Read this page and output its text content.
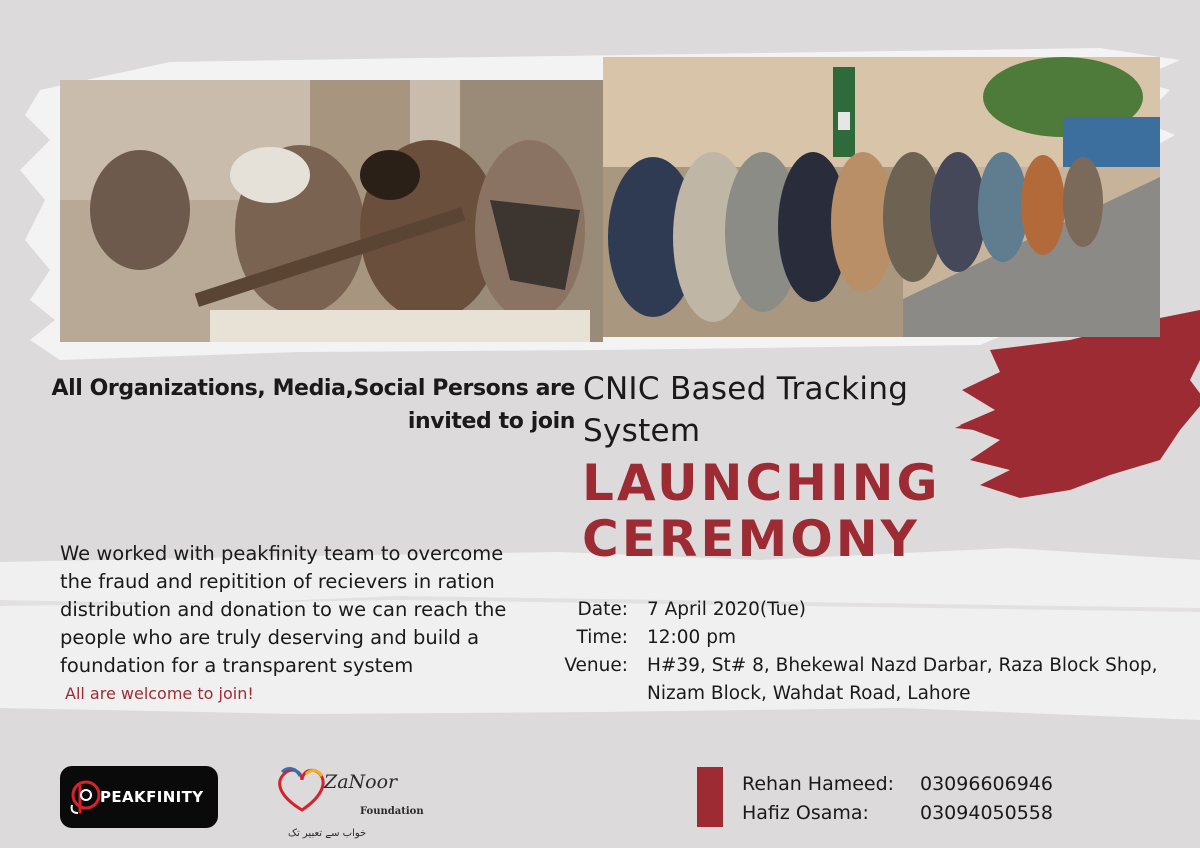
All Organizations, Media,Social Persons are
invited to join
CNIC Based Tracking
System
LAUNCHING
CEREMONY
We worked with peakfinity team to overcome
the fraud and repitition of recievers in ration
distribution and donation to we can reach the
people who are truly deserving and build a
foundation for a transparent system
All are welcome to join!
Date:	7 April 2020(Tue)
Time:	12:00 pm
Venue:	H#39, St# 8, Bhekewal Nazd Darbar, Raza Block Shop,
Nizam Block, Wahdat Road, Lahore
PEAKFINITY
ZaNoor
Foundation
خواب سے تعبیر تک
Rehan Hameed:	03096606946
Hafiz Osama:	03094050558
